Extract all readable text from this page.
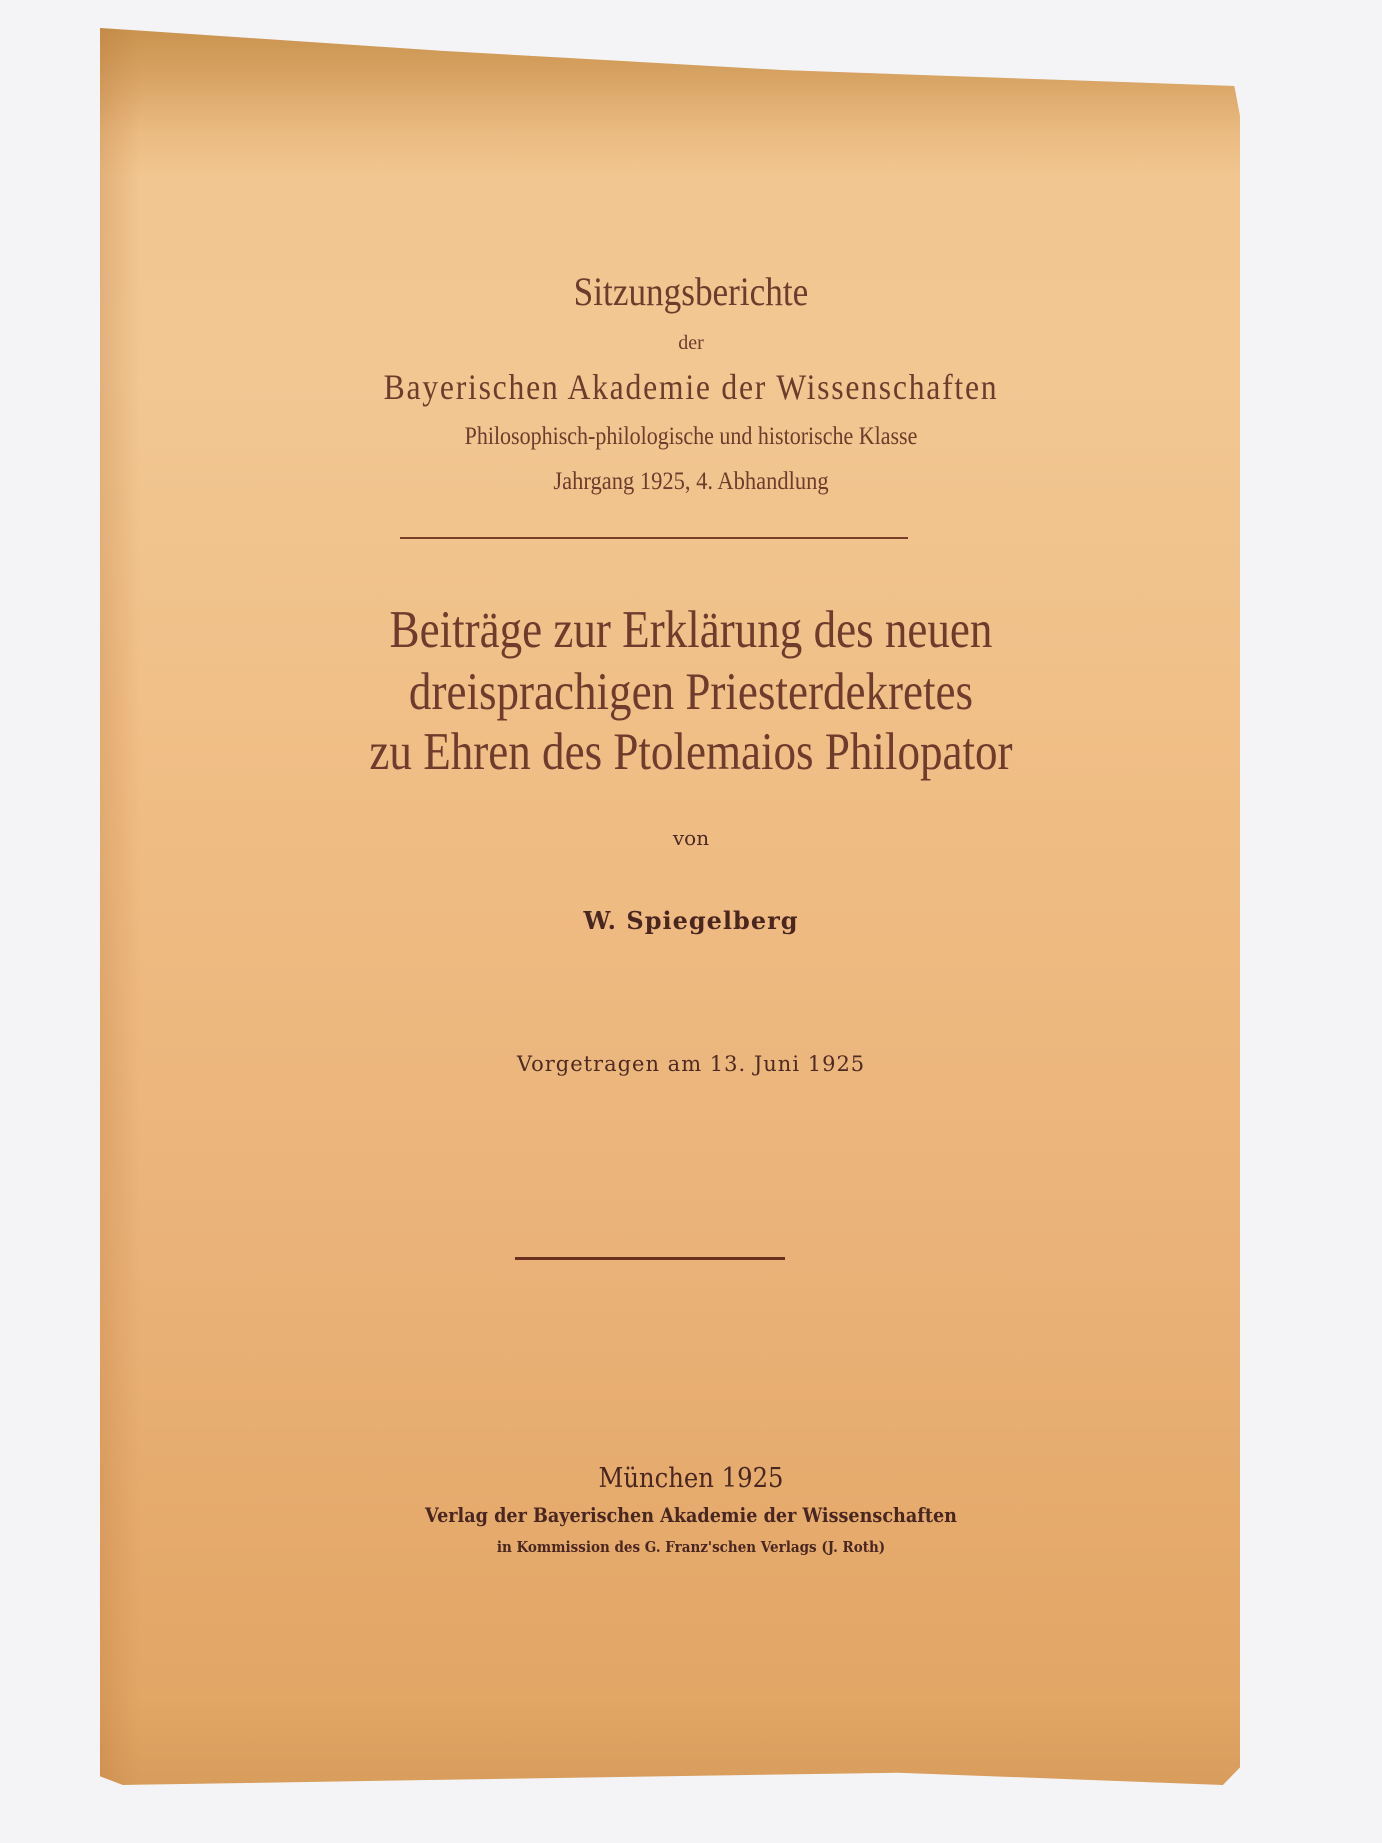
Sitzungsberichte
der
Bayerischen Akademie der Wissenschaften
Philosophisch-philologische und historische Klasse
Jahrgang 1925, 4. Abhandlung
Beiträge zur Erklärung des neuen
dreisprachigen Priesterdekretes
zu Ehren des Ptolemaios Philopator
von
W. Spiegelberg
Vorgetragen am 13. Juni 1925
München 1925
Verlag der Bayerischen Akademie der Wissenschaften
in Kommission des G. Franz'schen Verlags (J. Roth)
